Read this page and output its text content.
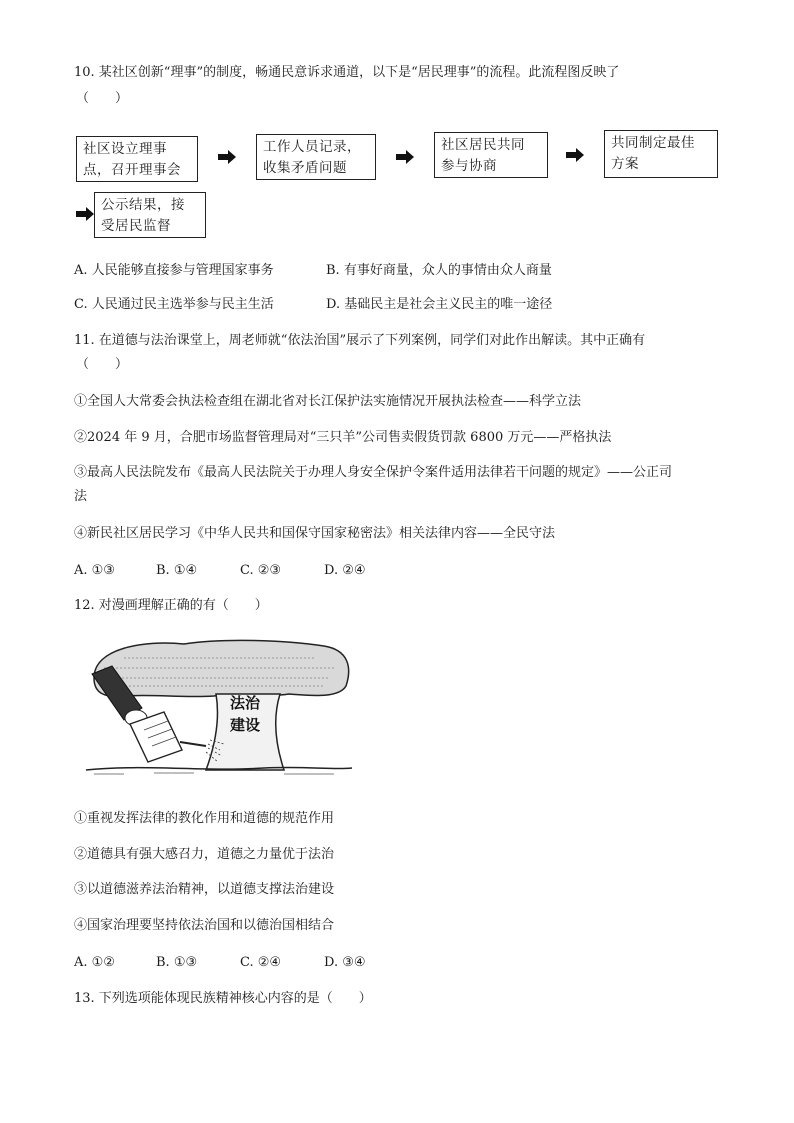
10. 某社区创新“理事”的制度，畅通民意诉求通道，以下是“居民理事”的流程。此流程图反映了
（　　）
社区设立理事
点，召开理事会
工作人员记录，
收集矛盾问题
社区居民共同
参与协商
共同制定最佳
方案
公示结果，接
受居民监督
A. 人民能够直接参与管理国家事务	B. 有事好商量，众人的事情由众人商量
C. 人民通过民主选举参与民主生活	D. 基础民主是社会主义民主的唯一途径
11. 在道德与法治课堂上，周老师就“依法治国”展示了下列案例，同学们对此作出解读。其中正确有
（　　）
①全国人大常委会执法检查组在湖北省对长江保护法实施情况开展执法检查——科学立法
②2024 年 9 月，合肥市场监督管理局对“三只羊”公司售卖假货罚款 6800 万元——严格执法
③最高人民法院发布《最高人民法院关于办理人身安全保护令案件适用法律若干问题的规定》——公正司
法
④新民社区居民学习《中华人民共和国保守国家秘密法》相关法律内容——全民守法
A. ①③	B. ①④	C. ②③	D. ②④
12. 对漫画理解正确的有（　　）
法治
建设
①重视发挥法律的教化作用和道德的规范作用
②道德具有强大感召力，道德之力量优于法治
③以道德滋养法治精神，以道德支撑法治建设
④国家治理要坚持依法治国和以德治国相结合
A. ①②	B. ①③	C. ②④	D. ③④
13. 下列选项能体现民族精神核心内容的是（　　）
